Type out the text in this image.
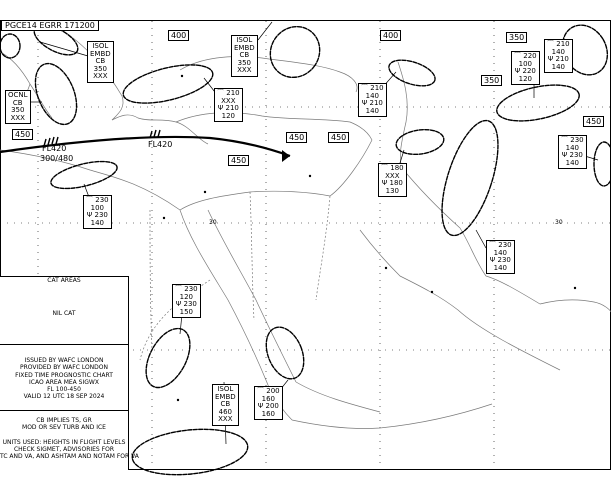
PGCE14 EGRR 171200
400	400	350
350
450	450	450
450
450
FL420
300/480
FL420
ISOL
EMBD
CB
350
XXX
ISOL
EMBD
CB
350
XXX
OCNL
CB
350
XXX
ISOL
EMBD
CB
460
XXX
⌒ 210
XXX
Ψ 210
120
⌒ 210
140
Ψ 210
140
⌒ 220
100
Ψ 220
120
⌒ 210
140
Ψ 210
140
⌒ 230
140
Ψ 230
140
⌒ 180
XXX
Ψ 180
130
⌒ 230
100
Ψ 230
140
⌒ 230
140
Ψ 230
140
⌒ 230
120
Ψ 230
150
⌒ 200
160
Ψ 200
160
30	30
CAT AREAS
NIL CAT
ISSUED BY WAFC LONDON
PROVIDED BY WAFC LONDON
FIXED TIME PROGNOSTIC CHART
ICAO AREA MEA SIGWX
FL 100-450
VALID 12 UTC 18 SEP 2024
CB IMPLIES TS, GR
MOD OR SEV TURB AND ICE
UNITS USED: HEIGHTS IN FLIGHT LEVELS
CHECK SIGMET, ADVISORIES FOR
TC AND VA, AND ASHTAM AND NOTAM FOR VA
